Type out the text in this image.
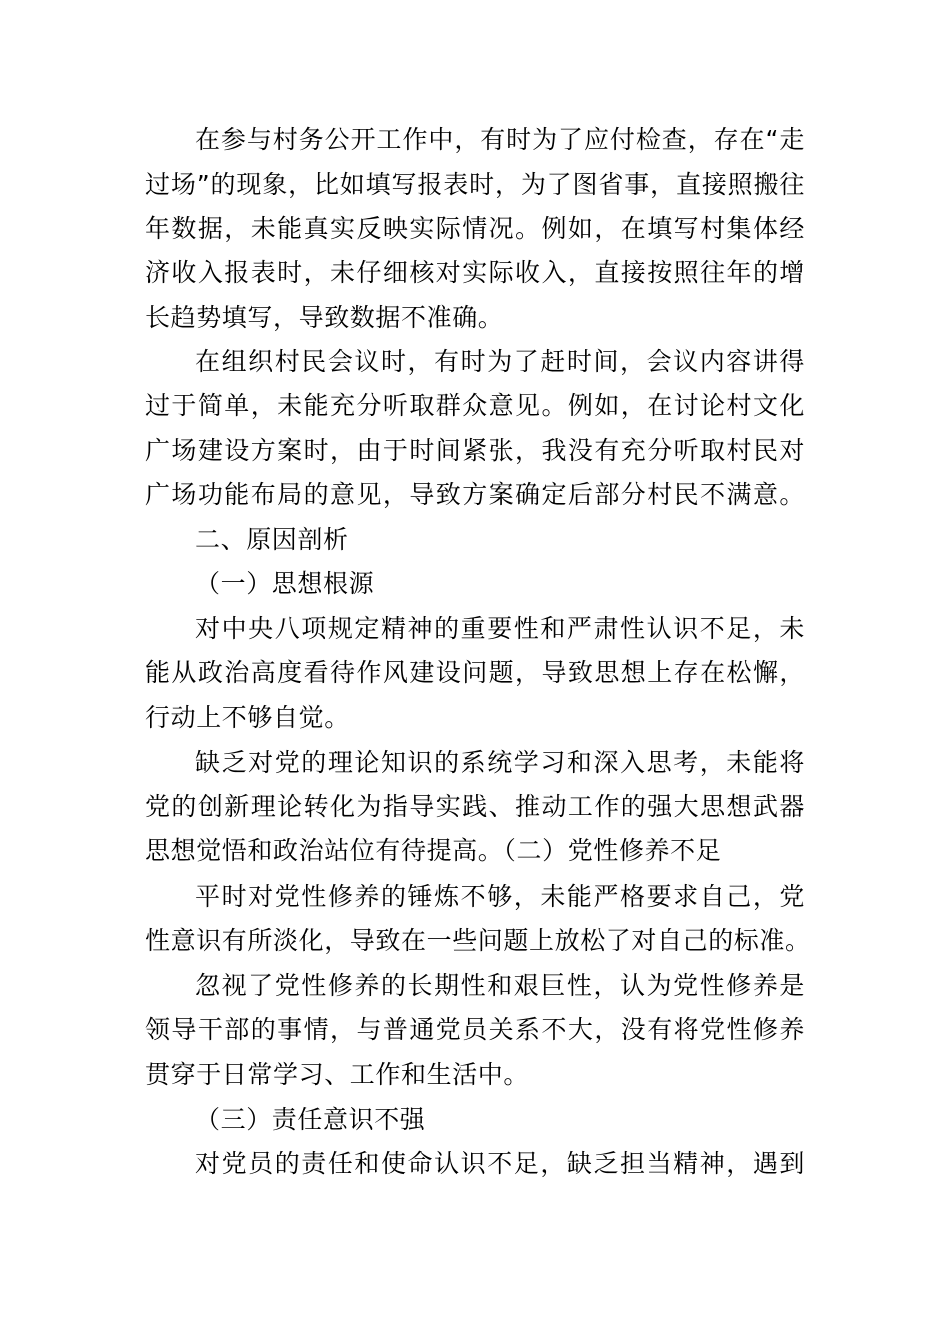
在参与村务公开工作中，有时为了应付检查，存在“走
过场”的现象，比如填写报表时，为了图省事，直接照搬往
年数据，未能真实反映实际情况。例如，在填写村集体经
济收入报表时，未仔细核对实际收入，直接按照往年的增
长趋势填写，导致数据不准确。
在组织村民会议时，有时为了赶时间，会议内容讲得
过于简单，未能充分听取群众意见。例如，在讨论村文化
广场建设方案时，由于时间紧张，我没有充分听取村民对
广场功能布局的意见，导致方案确定后部分村民不满意。
二、原因剖析
（一）思想根源
对中央八项规定精神的重要性和严肃性认识不足，未
能从政治高度看待作风建设问题，导致思想上存在松懈，
行动上不够自觉。
缺乏对党的理论知识的系统学习和深入思考，未能将
党的创新理论转化为指导实践、推动工作的强大思想武器
思想觉悟和政治站位有待提高。（二）党性修养不足
平时对党性修养的锤炼不够，未能严格要求自己，党
性意识有所淡化，导致在一些问题上放松了对自己的标准。
忽视了党性修养的长期性和艰巨性，认为党性修养是
领导干部的事情，与普通党员关系不大，没有将党性修养
贯穿于日常学习、工作和生活中。
（三）责任意识不强
对党员的责任和使命认识不足，缺乏担当精神，遇到
